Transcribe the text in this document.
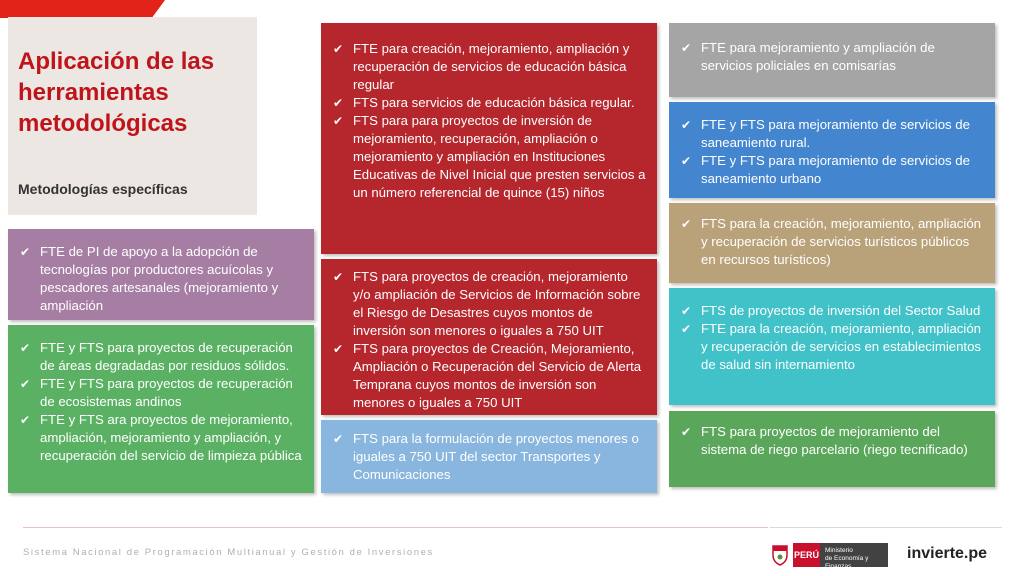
Aplicación de las herramientas metodológicas
Metodologías específicas
✔ FTE de PI de apoyo a la adopción de tecnologías por productores acuícolas y pescadores artesanales (mejoramiento y ampliación
✔ FTE y FTS para proyectos de recuperación de áreas degradadas por residuos sólidos.
✔ FTE y FTS para proyectos de recuperación de ecosistemas andinos
✔ FTE y FTS ara proyectos de mejoramiento, ampliación, mejoramiento y ampliación, y recuperación del servicio de limpieza pública
✔ FTE para creación, mejoramiento, ampliación y recuperación de servicios de educación básica regular
✔ FTS para servicios de educación básica regular.
✔ FTS para para proyectos de inversión de mejoramiento, recuperación, ampliación o mejoramiento y ampliación en Instituciones Educativas de Nivel Inicial que presten servicios a un número referencial de quince (15) niños
✔ FTS para proyectos de creación, mejoramiento y/o ampliación de Servicios de Información sobre el Riesgo de Desastres cuyos montos de inversión son menores o iguales a 750 UIT
✔ FTS para proyectos de Creación, Mejoramiento, Ampliación o Recuperación del Servicio de Alerta Temprana cuyos montos de inversión son menores o iguales a 750 UIT
✔ FTS para la formulación de proyectos menores o iguales a 750 UIT del sector Transportes y Comunicaciones
✔ FTE para mejoramiento y ampliación de servicios policiales en comisarías
✔ FTE y FTS para mejoramiento de servicios de saneamiento rural.
✔ FTE y FTS para mejoramiento de servicios de saneamiento urbano
✔ FTS para la creación, mejoramiento, ampliación y recuperación de servicios turísticos públicos en recursos turísticos)
✔ FTS de proyectos de inversión del Sector Salud
✔ FTE para la creación, mejoramiento, ampliación y recuperación de servicios en establecimientos de salud sin internamiento
✔ FTS para proyectos de mejoramiento del sistema de riego parcelario (riego tecnificado)
Sistema Nacional de Programación Multianual y Gestión de Inversiones	PERÚ Ministerio
de Economía y Finanzas
invierte.pe
